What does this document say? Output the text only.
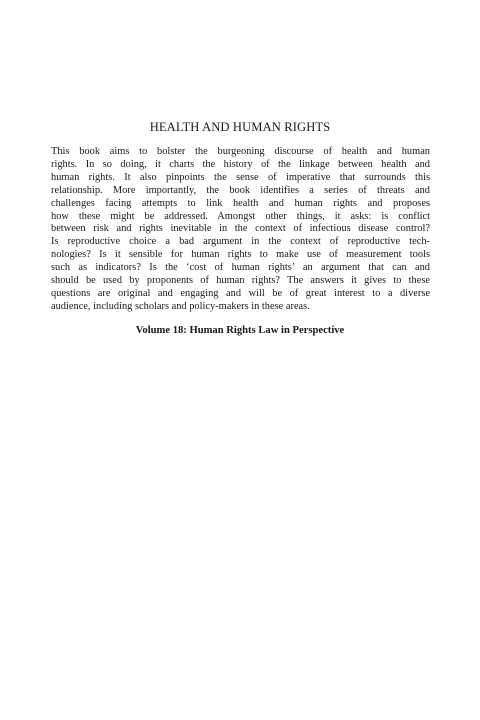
HEALTH AND HUMAN RIGHTS

This book aims to bolster the burgeoning discourse of health and human
rights. In so doing, it charts the history of the linkage between health and
human rights. It also pinpoints the sense of imperative that surrounds this
relationship. More importantly, the book identifies a series of threats and
challenges facing attempts to link health and human rights and proposes
how these might be addressed. Amongst other things, it asks: is conflict
between risk and rights inevitable in the context of infectious disease control?
Is reproductive choice a bad argument in the context of reproductive tech-
nologies? Is it sensible for human rights to make use of measurement tools
such as indicators? Is the ‘cost of human rights’ an argument that can and
should be used by proponents of human rights? The answers it gives to these
questions are original and engaging and will be of great interest to a diverse
audience, including scholars and policy-makers in these areas.

Volume 18: Human Rights Law in Perspective
